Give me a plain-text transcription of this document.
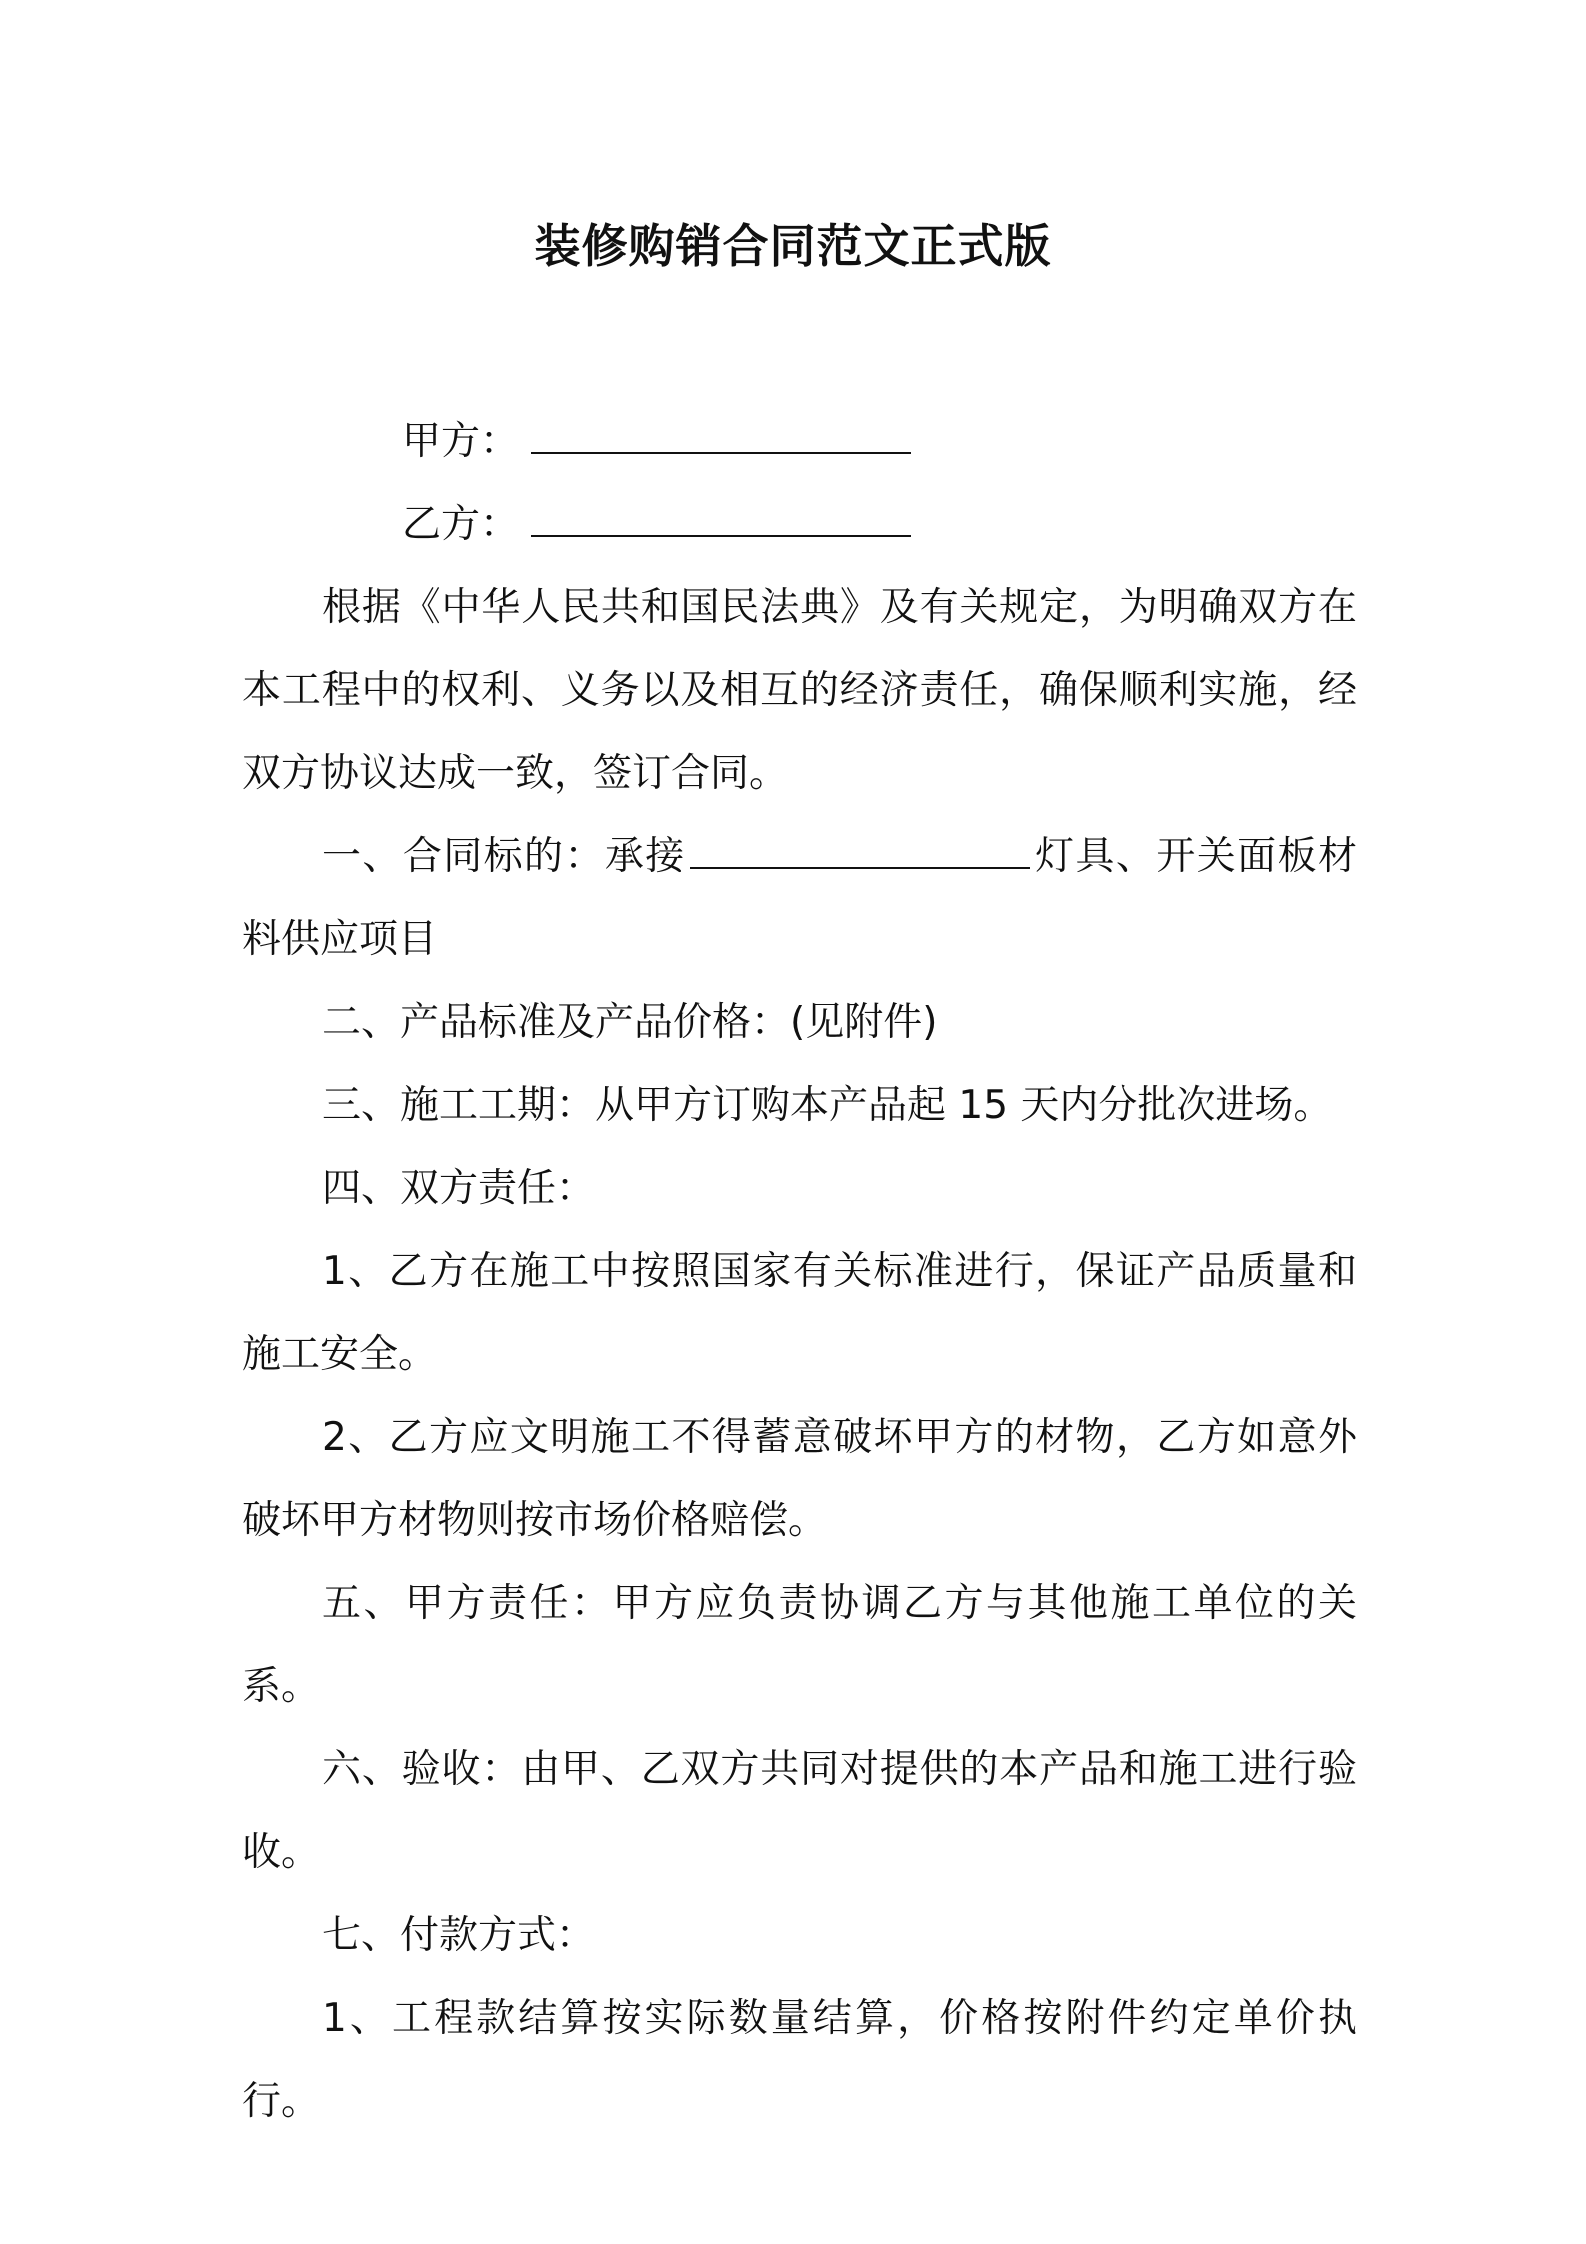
装修购销合同范文正式版

甲方：

乙方：

根据《中华人民共和国民法典》及有关规定，为明确双方在本工程中的权利、义务以及相互的经济责任，确保顺利实施，经双方协议达成一致，签订合同。

一、合同标的：承接	灯具、开关面板材料供应项目

二、产品标准及产品价格：(见附件)

三、施工工期：从甲方订购本产品起 15 天内分批次进场。

四、双方责任：

1、乙方在施工中按照国家有关标准进行，保证产品质量和施工安全。

2、乙方应文明施工不得蓄意破坏甲方的材物，乙方如意外破坏甲方材物则按市场价格赔偿。

五、甲方责任：甲方应负责协调乙方与其他施工单位的关系。

六、验收：由甲、乙双方共同对提供的本产品和施工进行验收。

七、付款方式：

1、工程款结算按实际数量结算，价格按附件约定单价执行。
